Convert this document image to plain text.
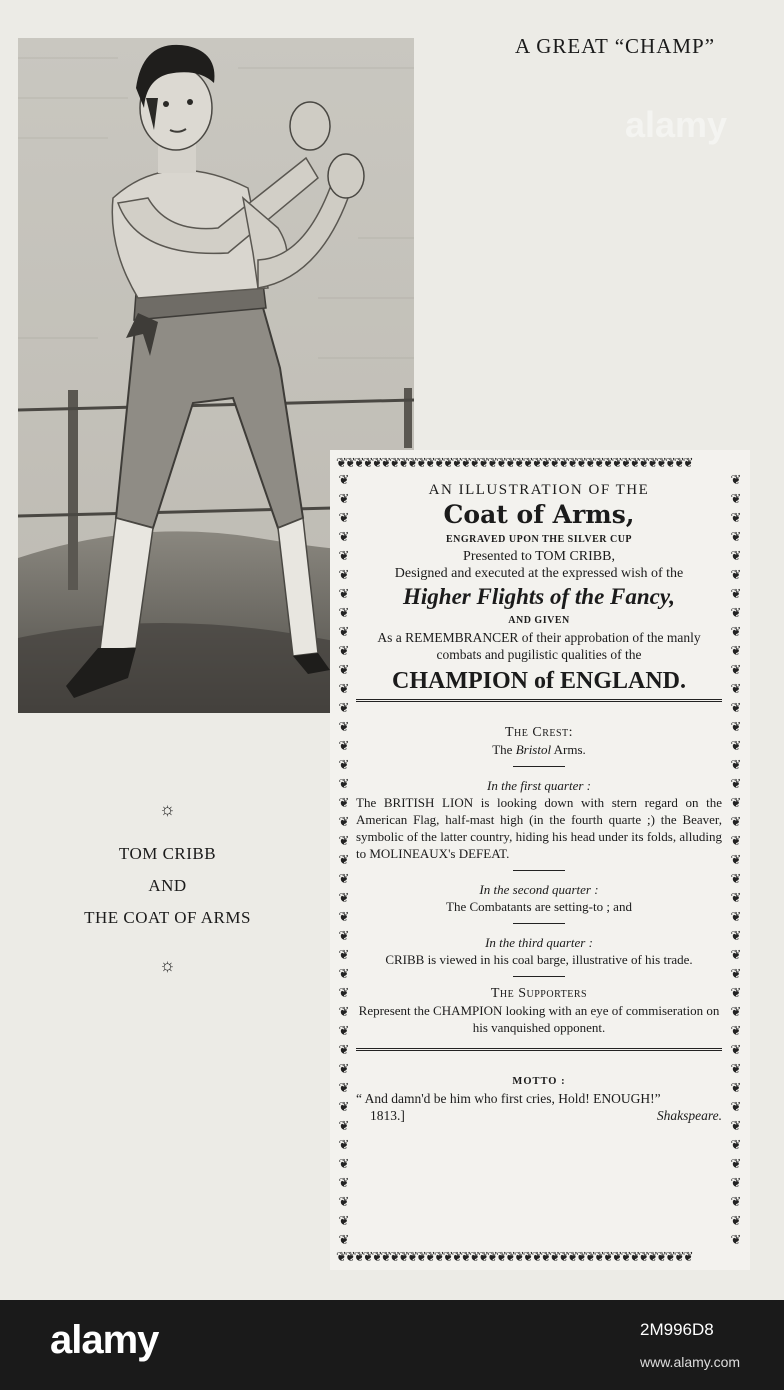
A GREAT “CHAMP”
alamy
☼
TOM CRIBB
AND
THE COAT OF ARMS
☼
❦❦❦❦❦❦❦❦❦❦❦❦❦❦❦❦❦❦❦❦❦❦❦❦❦❦❦❦❦❦❦❦❦❦❦❦❦❦❦❦
❦❦❦❦❦❦❦❦❦❦❦❦❦❦❦❦❦❦❦❦❦❦❦❦❦❦❦❦❦❦❦❦❦❦❦❦❦❦❦❦
❦
❦
❦
❦
❦
❦
❦
❦
❦
❦
❦
❦
❦
❦
❦
❦
❦
❦
❦
❦
❦
❦
❦
❦
❦
❦
❦
❦
❦
❦
❦
❦
❦
❦
❦
❦
❦
❦
❦
❦
❦

❦
❦
❦
❦
❦
❦
❦
❦
❦
❦
❦
❦
❦
❦
❦
❦
❦
❦
❦
❦
❦
❦
❦
❦
❦
❦
❦
❦
❦
❦
❦
❦
❦
❦
❦
❦
❦
❦
❦
❦
❦

AN ILLUSTRATION OF THE
Coat of Arms,
ENGRAVED UPON THE SILVER CUP
Presented to TOM CRIBB,
Designed and executed at the expressed wish of the
Higher Flights of the Fancy,
AND GIVEN
As a REMEMBRANCER of their approbation of the manly combats and pugilistic qualities of the
CHAMPION of ENGLAND.
The Crest:
The Bristol Arms.
In the first quarter :
The BRITISH LION is looking down with stern regard on the American Flag, half-mast high (in the fourth quarte ;) the Beaver, symbolic of the latter country, hiding his head under its folds, alluding to MOLINEAUX's DEFEAT.
In the second quarter :
The Combatants are setting-to ; and
In the third quarter :
CRIBB is viewed in his coal barge, illustrative of his trade.
The Supporters
Represent the CHAMPION looking with an eye of commiseration on his vanquished opponent.
MOTTO :
“ And damn'd be him who first cries, Hold! ENOUGH!”
1813.]	Shakspeare.
alamy	2M996D8
www.alamy.com
